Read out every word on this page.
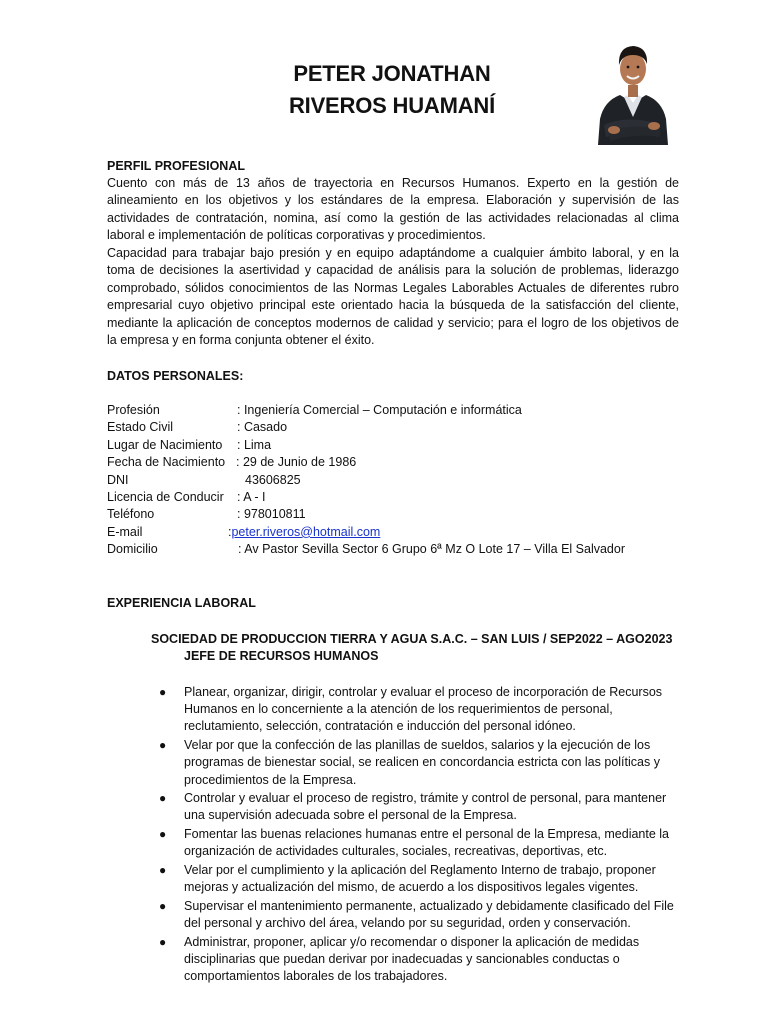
PETER JONATHAN
RIVEROS HUAMANÍ
PERFIL PROFESIONAL

Cuento con más de 13 años de trayectoria en Recursos Humanos. Experto en la gestión de alineamiento en los objetivos y los estándares de la empresa. Elaboración y supervisión de las actividades de contratación, nomina, así como la gestión de las actividades relacionadas al clima laboral e implementación de políticas corporativas y procedimientos.

Capacidad para trabajar bajo presión y en equipo adaptándome a cualquier ámbito laboral, y en la toma de decisiones la asertividad y capacidad de análisis para la solución de problemas, liderazgo comprobado, sólidos conocimientos de las Normas Legales Laborables Actuales de diferentes rubro empresarial cuyo objetivo principal este orientado hacia la búsqueda de la satisfacción del cliente, mediante la aplicación de conceptos modernos de calidad y servicio; para el logro de los objetivos de la empresa y en forma conjunta obtener el éxito.

DATOS PERSONALES:
Profesión	: Ingeniería Comercial – Computación e informática
Estado Civil	: Casado
Lugar de Nacimiento : Lima
Fecha de Nacimiento : 29 de Junio de 1986
DNI	43606825
Licencia de Conducir : A - I
Teléfono	: 978010811
E-mail	:peter.riveros@hotmail.com
Domicilio	: Av Pastor Sevilla Sector 6 Grupo 6ª Mz O Lote 17 – Villa El Salvador
EXPERIENCIA LABORAL
SOCIEDAD DE PRODUCCION TIERRA Y AGUA S.A.C. – SAN LUIS / SEP2022 – AGO2023
JEFE DE RECURSOS HUMANOS
● Planear, organizar, dirigir, controlar y evaluar el proceso de incorporación de Recursos Humanos en lo concerniente a la atención de los requerimientos de personal, reclutamiento, selección, contratación e inducción del personal idóneo.
● Velar por que la confección de las planillas de sueldos, salarios y la ejecución de los programas de bienestar social, se realicen en concordancia estricta con las políticas y procedimientos de la Empresa.
● Controlar y evaluar el proceso de registro, trámite y control de personal, para mantener una supervisión adecuada sobre el personal de la Empresa.
● Fomentar las buenas relaciones humanas entre el personal de la Empresa, mediante la organización de actividades culturales, sociales, recreativas, deportivas, etc.
● Velar por el cumplimiento y la aplicación del Reglamento Interno de trabajo, proponer mejoras y actualización del mismo, de acuerdo a los dispositivos legales vigentes.
● Supervisar el mantenimiento permanente, actualizado y debidamente clasificado del File del personal y archivo del área, velando por su seguridad, orden y conservación.
● Administrar, proponer, aplicar y/o recomendar o disponer la aplicación de medidas disciplinarias que puedan derivar por inadecuadas y sancionables conductas o comportamientos laborales de los trabajadores.
